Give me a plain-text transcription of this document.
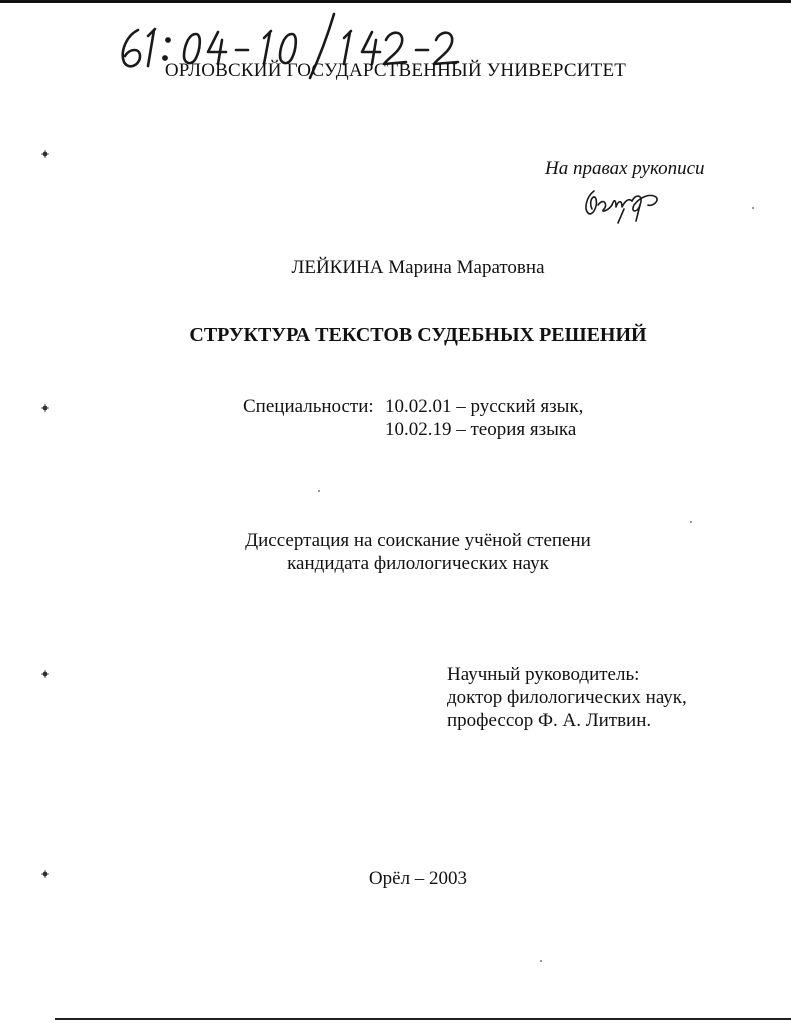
ОРЛОВСКИЙ ГОСУДАРСТВЕННЫЙ УНИВЕРСИТЕТ
На правах рукописи
ЛЕЙКИНА Марина Маратовна
СТРУКТУРА ТЕКСТОВ СУДЕБНЫХ РЕШЕНИЙ
Специальности: 10.02.01 – русский язык,
10.02.19 – теория языка
Диссертация на соискание учёной степени
кандидата филологических наук
Научный руководитель:
доктор филологических наук,
профессор Ф. А. Литвин.
Орёл – 2003
